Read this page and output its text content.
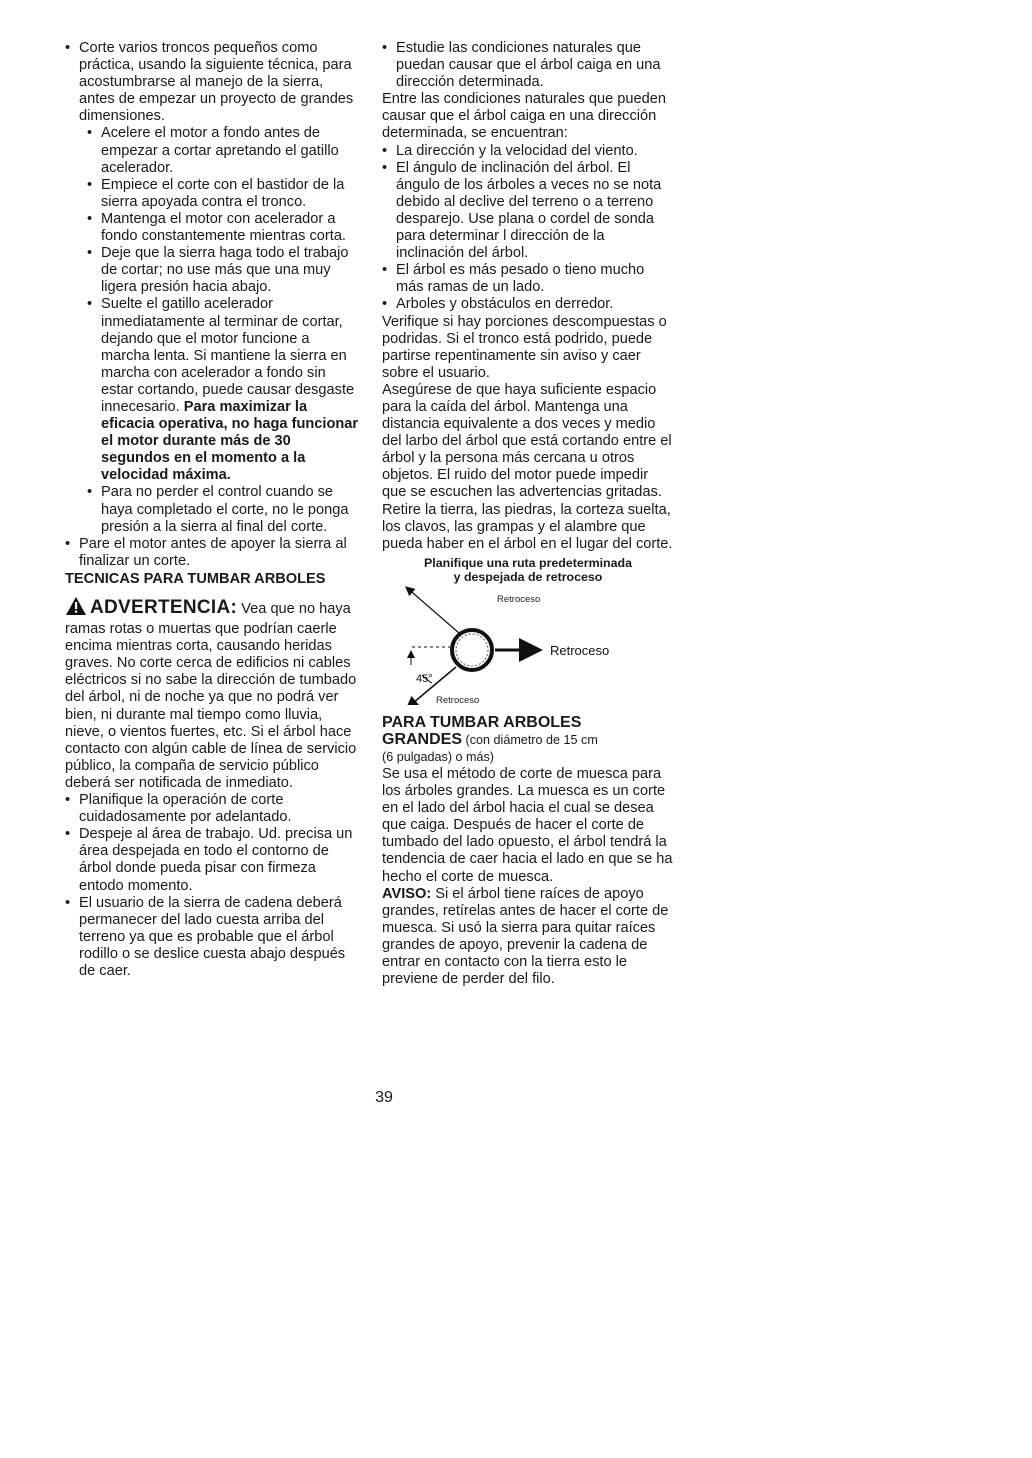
• Corte varios troncos pequeños como práctica, usando la siguiente técnica, para acostumbrarse al manejo de la sierra, antes de empezar un proyecto de grandes dimensiones.

• Acelere el motor a fondo antes de empezar a cortar apretando el gatillo acelerador.

• Empiece el corte con el bastidor de la sierra apoyada contra el tronco.

• Mantenga el motor con acelerador a fondo constantemente mientras corta.

• Deje que la sierra haga todo el trabajo de cortar; no use más que una muy ligera presión hacia abajo.

• Suelte el gatillo acelerador inmediatamente al terminar de cortar, dejando que el motor funcione a marcha lenta. Si mantiene la sierra en marcha con acelerador a fondo sin estar cortando, puede causar desgaste innecesario. Para maximizar la eficacia operativa, no haga funcionar el motor durante más de 30 segundos en el momento a la velocidad máxima.

• Para no perder el control cuando se haya completado el corte, no le ponga presión a la sierra al final del corte.

• Pare el motor antes de apoyer la sierra al finalizar un corte.

TECNICAS PARA TUMBAR ARBOLES

ADVERTENCIA: Vea que no haya ramas rotas o muertas que podrían caerle encima mientras corta, causando heridas graves. No corte cerca de edificios ni cables eléctricos si no sabe la dirección de tumbado del árbol, ni de noche ya que no podrá ver bien, ni durante mal tiempo como lluvia, nieve, o vientos fuertes, etc. Si el árbol hace contacto con algún cable de línea de servicio público, la compaña de servicio público deberá ser notificada de inmediato.

• Planifique la operación de corte cuidadosamente por adelantado.

• Despeje al área de trabajo. Ud. precisa un área despejada en todo el contorno de árbol donde pueda pisar con firmeza entodo momento.

• El usuario de la sierra de cadena deberá permanecer del lado cuesta arriba del terreno ya que es probable que el árbol rodillo o se deslice cuesta abajo después de caer.

• Estudie las condiciones naturales que puedan causar que el árbol caiga en una dirección determinada.

Entre las condiciones naturales que pueden causar que el árbol caiga en una dirección determinada, se encuentran:

• La dirección y la velocidad del viento.

• El ángulo de inclinación del árbol. El ángulo de los árboles a veces no se nota debido al declive del terreno o a terreno desparejo. Use plana o cordel de sonda para determinar l dirección de la inclinación del árbol.

• El árbol es más pesado o tieno mucho más ramas de un lado.

• Arboles y obstáculos en derredor.

Verifique si hay porciones descompuestas o podridas. Si el tronco está podrido, puede partirse repentinamente sin aviso y caer sobre el usuario.

Asegúrese de que haya suficiente espacio para la caída del árbol. Mantenga una distancia equivalente a dos veces y medio del larbo del árbol que está cortando entre el árbol y la persona más cercana u otros objetos. El ruido del motor puede impedir que se escuchen las advertencias gritadas.

Retire la tierra, las piedras, la corteza suelta, los clavos, las grampas y el alambre que pueda haber en el árbol en el lugar del corte.

Planifique una ruta predeterminada
y despejada de retroceso

Retroceso
Retroceso
45°
Retroceso

PARA TUMBAR ARBOLES

GRANDES (con diámetro de 15 cm

(6 pulgadas) o más)

Se usa el método de corte de muesca para los árboles grandes. La muesca es un corte en el lado del árbol hacia el cual se desea que caiga. Después de hacer el corte de tumbado del lado opuesto, el árbol tendrá la tendencia de caer hacia el lado en que se ha hecho el corte de muesca.

AVISO: Si el árbol tiene raíces de apoyo grandes, retírelas antes de hacer el corte de muesca. Si usó la sierra para quitar raíces grandes de apoyo, prevenir la cadena de entrar en contacto con la tierra esto le previene de perder del filo.

39
